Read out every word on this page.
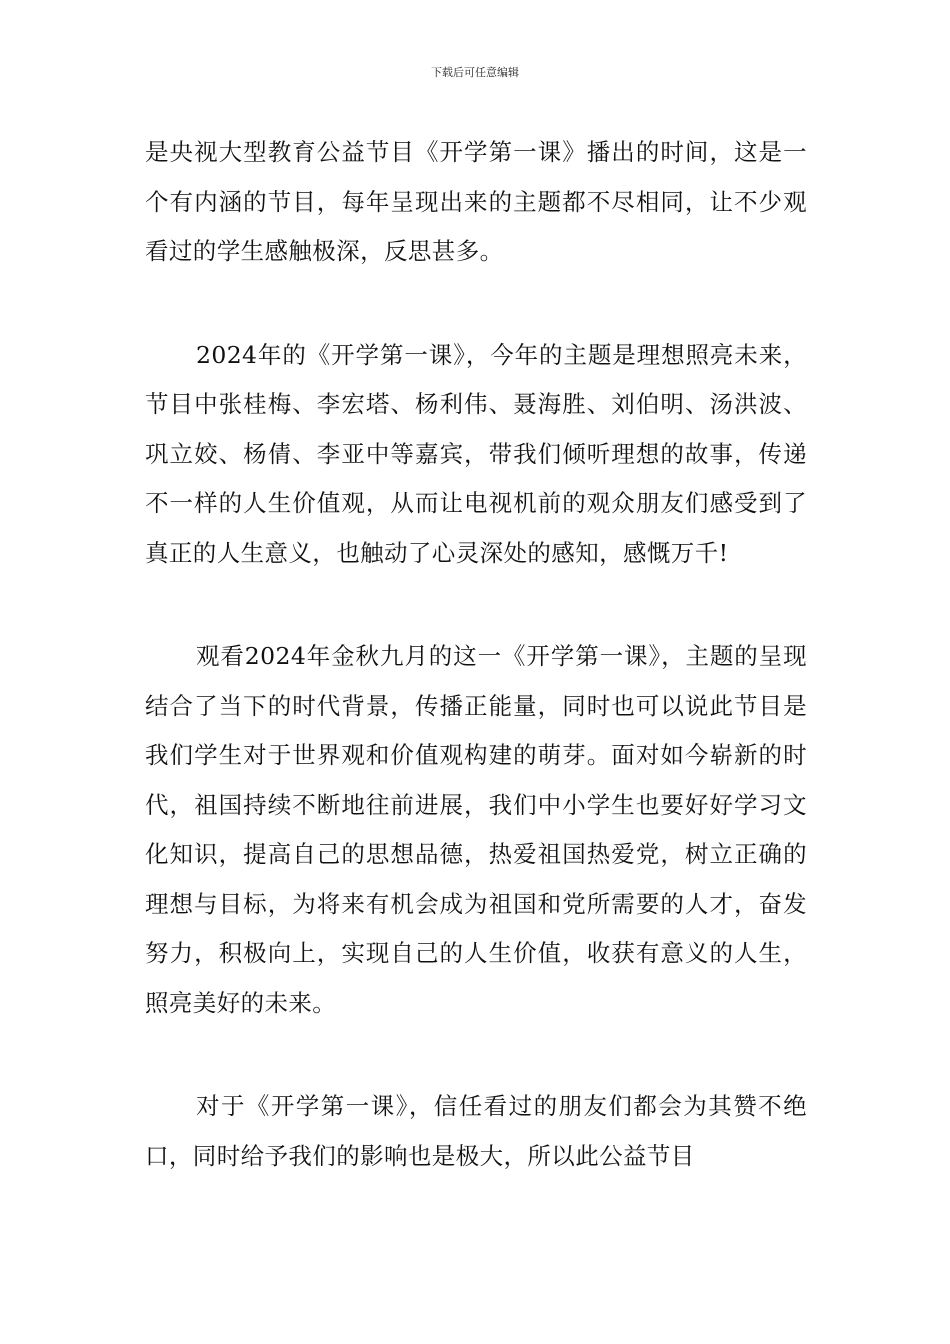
下载后可任意编辑

是央视大型教育公益节目《开学第一课》播出的时间，这是一个有内涵的节目，每年呈现出来的主题都不尽相同，让不少观看过的学生感触极深，反思甚多。

2024年的《开学第一课》，今年的主题是理想照亮未来，节目中张桂梅、李宏塔、杨利伟、聂海胜、刘伯明、汤洪波、巩立姣、杨倩、李亚中等嘉宾，带我们倾听理想的故事，传递不一样的人生价值观，从而让电视机前的观众朋友们感受到了真正的人生意义，也触动了心灵深处的感知，感慨万千!

观看2024年金秋九月的这一《开学第一课》，主题的呈现结合了当下的时代背景，传播正能量，同时也可以说此节目是我们学生对于世界观和价值观构建的萌芽。面对如今崭新的时代，祖国持续不断地往前进展，我们中小学生也要好好学习文化知识，提高自己的思想品德，热爱祖国热爱党，树立正确的理想与目标，为将来有机会成为祖国和党所需要的人才，奋发努力，积极向上，实现自己的人生价值，收获有意义的人生，照亮美好的未来。

对于《开学第一课》，信任看过的朋友们都会为其赞不绝口，同时给予我们的影响也是极大，所以此公益节目
